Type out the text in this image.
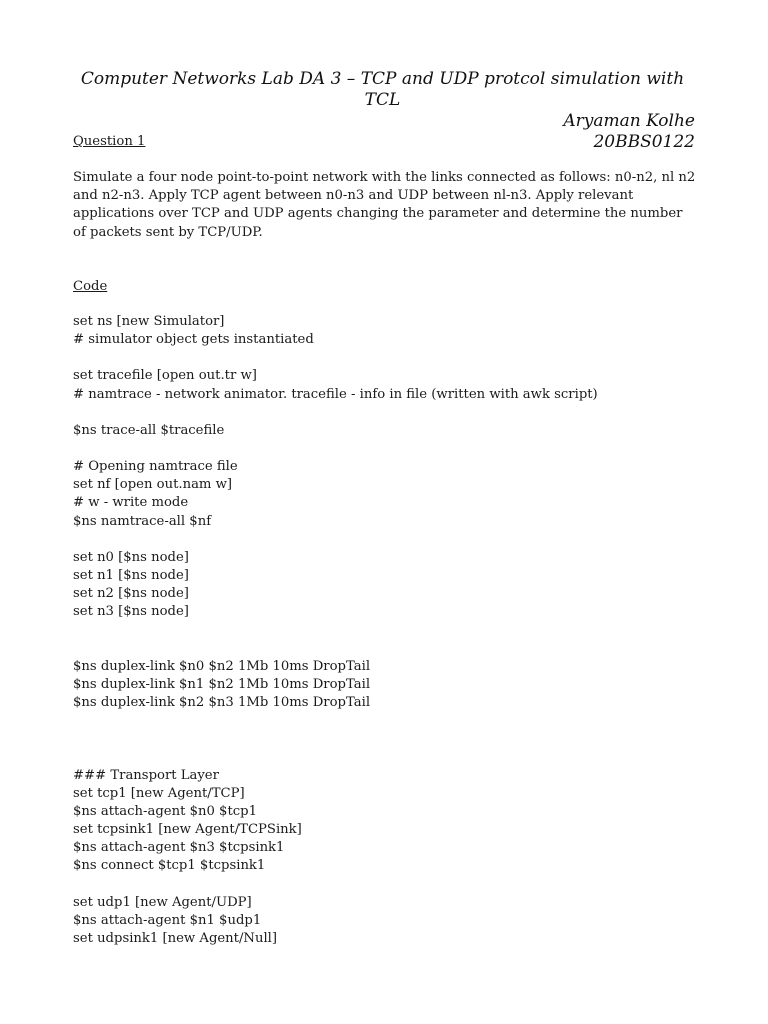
Computer Networks Lab DA 3 – TCP and UDP protcol simulation with TCL
Aryaman Kolhe
20BBS0122
Question 1
Simulate a four node point-to-point network with the links connected as follows: n0-n2, nl n2 and n2-n3. Apply TCP agent between n0-n3 and UDP between nl-n3. Apply relevant applications over TCP and UDP agents changing the parameter and determine the number of packets sent by TCP/UDP.
Code
set ns [new Simulator]
# simulator object gets instantiated
set tracefile [open out.tr w]
# namtrace - network animator. tracefile - info in file (written with awk script)
$ns trace-all $tracefile
# Opening namtrace file
set nf [open out.nam w]
# w - write mode
$ns namtrace-all $nf
set n0 [$ns node]
set n1 [$ns node]
set n2 [$ns node]
set n3 [$ns node]
$ns duplex-link $n0 $n2 1Mb 10ms DropTail
$ns duplex-link $n1 $n2 1Mb 10ms DropTail
$ns duplex-link $n2 $n3 1Mb 10ms DropTail
### Transport Layer
set tcp1 [new Agent/TCP]
$ns attach-agent $n0 $tcp1
set tcpsink1 [new Agent/TCPSink]
$ns attach-agent $n3 $tcpsink1
$ns connect $tcp1 $tcpsink1
set udp1 [new Agent/UDP]
$ns attach-agent $n1 $udp1
set udpsink1 [new Agent/Null]
